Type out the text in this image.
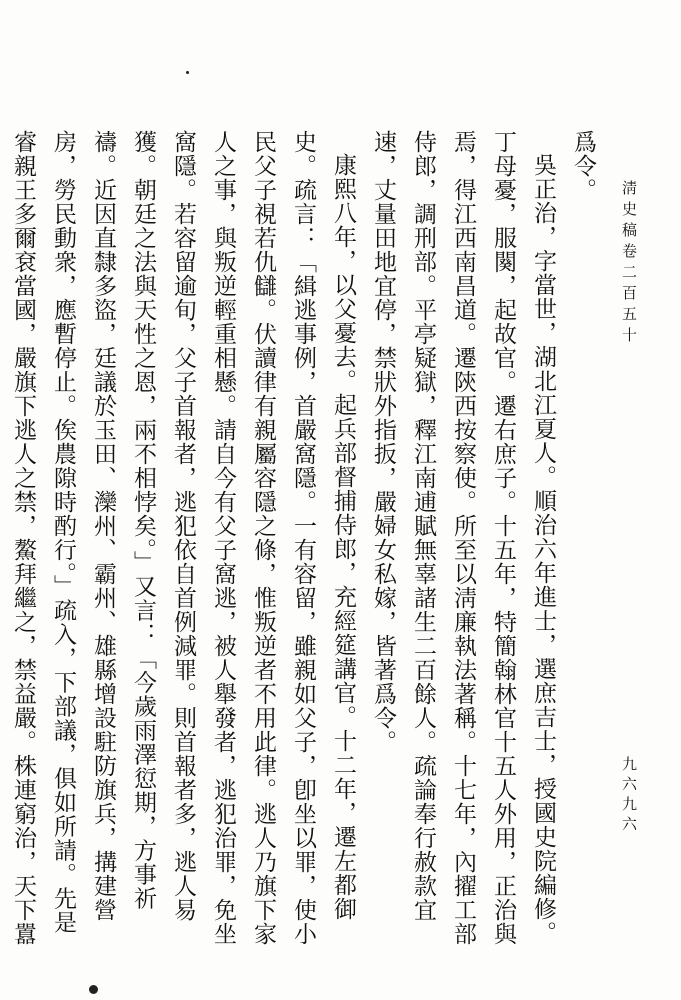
淸史稿卷二百五十
九六九六

爲令。

吳正治，字當世，湖北江夏人。順治六年進士，選庶吉士，授國史院編修。丁母憂，服闋，起故官。遷右庶子。十五年，特簡翰林官十五人外用，正治與焉，得江西南昌道。遷陝西按察使。所至以淸廉執法著稱。十七年，內擢工部侍郎，調刑部。平亭疑獄，釋江南逋賦無辜諸生二百餘人。疏論奉行赦款宜速，丈量田地宜停，禁狀外指扳，嚴婦女私嫁，皆著爲令。

康熙八年，以父憂去。起兵部督捕侍郎，充經筵講官。十二年，遷左都御史。疏言：「緝逃事例，首嚴窩隱。一有容留，雖親如父子，卽坐以罪，使小民父子視若仇讎。伏讀律有親屬容隱之條，惟叛逆者不用此律。逃人乃旗下家人之事，與叛逆輕重相懸。請自今有父子窩逃，被人舉發者，逃犯治罪，免坐窩隱。若容留逾旬，父子首報者，逃犯依自首例減罪。則首報者多，逃人易獲。朝廷之法與天性之恩，兩不相悖矣。」又言：「今歲雨澤愆期，方事祈禱。近因直隸多盜，廷議於玉田、灤州、霸州、雄縣增設駐防旗兵，搆建營房，勞民動衆，應暫停止。俟農隙時酌行。」疏入，下部議，俱如所請。先是睿親王多爾袞當國，嚴旗下逃人之禁，鰲拜繼之，禁益嚴。株連窮治，天下囂
